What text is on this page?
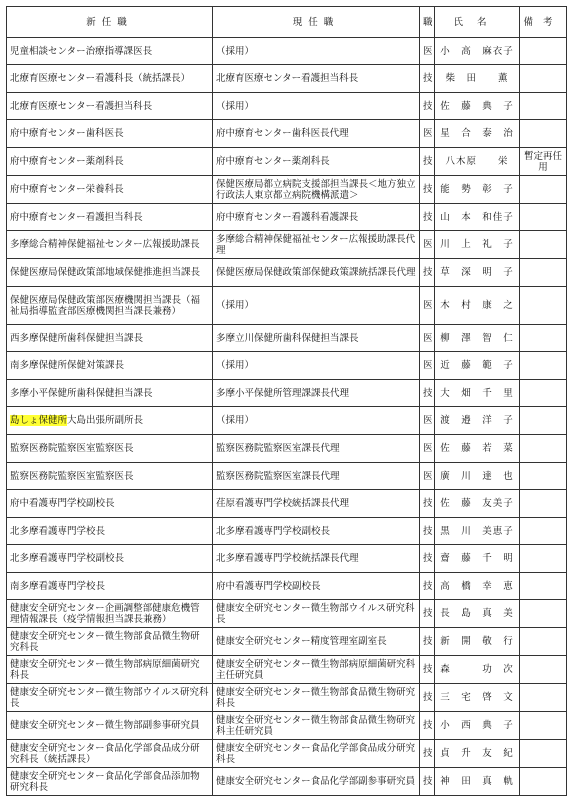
新任職	現任職	職	氏名	備考
児童相談センター治療指導課医長	（採用）	医	小　高　麻衣子	
北療育医療センター看護科長（統括課長）	北療育医療センター看護担当科長	技	柴　田　　薫	
北療育医療センター看護担当科長	（採用）	技	佐　藤　典　子	
府中療育センター歯科医長	府中療育センター歯科医長代理	医	星　合　泰　治	
府中療育センター薬剤科長	府中療育センター薬剤科長	技	八木原　　栄	暫定再任用
府中療育センター栄養科長	保健医療局都立病院支援部担当課長＜地方独立行政法人東京都立病院機構派遣＞	技	能　勢　彰　子	
府中療育センター看護担当科長	府中療育センター看護科看護課長	技	山　本　和佳子	
多摩総合精神保健福祉センター広報援助課長	多摩総合精神保健福祉センター広報援助課長代理	医	川　上　礼　子	
保健医療局保健政策部地域保健推進担当課長	保健医療局保健政策部保健政策課統括課長代理	技	草　深　明　子	
保健医療局保健政策部医療機関担当課長（福祉局指導監査部医療機関担当課長兼務）	（採用）	医	木　村　康　之	
西多摩保健所歯科保健担当課長	多摩立川保健所歯科保健担当課長	医	柳　澤　智　仁	
南多摩保健所保健対策課長	（採用）	医	近　藤　範　子	
多摩小平保健所歯科保健担当課長	多摩小平保健所管理課課長代理	技	大　畑　千　里	
島しょ保健所大島出張所副所長	（採用）	医	渡　邉　洋　子	
監察医務院監察医室監察医長	監察医務院監察医室課長代理	医	佐　藤　若　菜	
監察医務院監察医室監察医長	監察医務院監察医室課長代理	医	廣　川　達　也	
府中看護専門学校副校長	荏原看護専門学校統括課長代理	技	佐　藤　友美子	
北多摩看護専門学校長	北多摩看護専門学校副校長	技	黒　川　美恵子	
北多摩看護専門学校副校長	北多摩看護専門学校統括課長代理	技	齋　藤　千　明	
南多摩看護専門学校長	府中看護専門学校副校長	技	高　橋　幸　恵	
健康安全研究センター企画調整部健康危機管理情報課長（疫学情報担当課長兼務）	健康安全研究センター微生物部ウイルス研究科長	技	長　島　真　美	
健康安全研究センター微生物部食品微生物研究科長	健康安全研究センター精度管理室副室長	技	新　開　敬　行	
健康安全研究センター微生物部病原細菌研究科長	健康安全研究センター微生物部病原細菌研究科主任研究員	技	森　　　功　次	
健康安全研究センター微生物部ウイルス研究科長	健康安全研究センター微生物部食品微生物研究科長	技	三　宅　啓　文	
健康安全研究センター微生物部副参事研究員	健康安全研究センター微生物部食品微生物研究科主任研究員	技	小　西　典　子	
健康安全研究センター食品化学部食品成分研究科長（統括課長）	健康安全研究センター食品化学部食品成分研究科長	技	貞　升　友　紀	
健康安全研究センター食品化学部食品添加物研究科長	健康安全研究センター食品化学部副参事研究員	技	神　田　真　軌	
